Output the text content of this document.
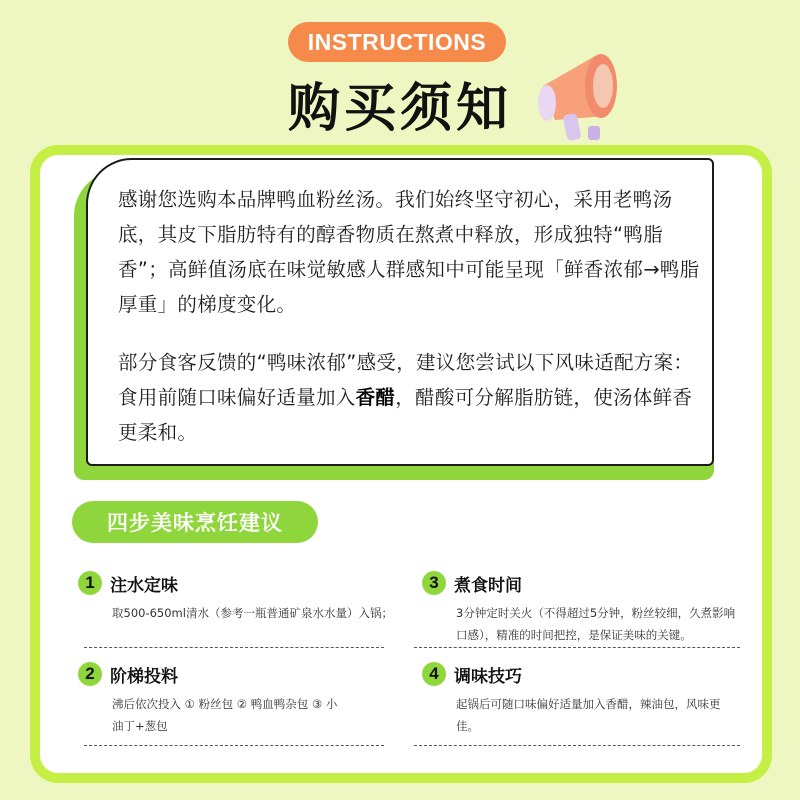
INSTRUCTIONS
购买须知

感谢您选购本品牌鸭血粉丝汤。我们始终坚守初心，采用老鸭汤底，其皮下脂肪特有的醇香物质在熬煮中释放，形成独特“鸭脂香”；高鲜值汤底在味觉敏感人群感知中可能呈现「鲜香浓郁→鸭脂厚重」的梯度变化。

部分食客反馈的“鸭味浓郁”感受，建议您尝试以下风味适配方案：食用前随口味偏好适量加入香醋，醋酸可分解脂肪链，使汤体鲜香更柔和。

四步美味烹饪建议
1 注水定味
取500-650ml清水（参考一瓶普通矿泉水水量）入锅；
2 阶梯投料
沸后依次投入 ① 粉丝包 ② 鸭血鸭杂包 ③ 小油丁+葱包
3 煮食时间
3分钟定时关火（不得超过5分钟，粉丝较细，久煮影响口感），精准的时间把控，是保证美味的关键。
4 调味技巧
起锅后可随口味偏好适量加入香醋，辣油包，风味更佳。
